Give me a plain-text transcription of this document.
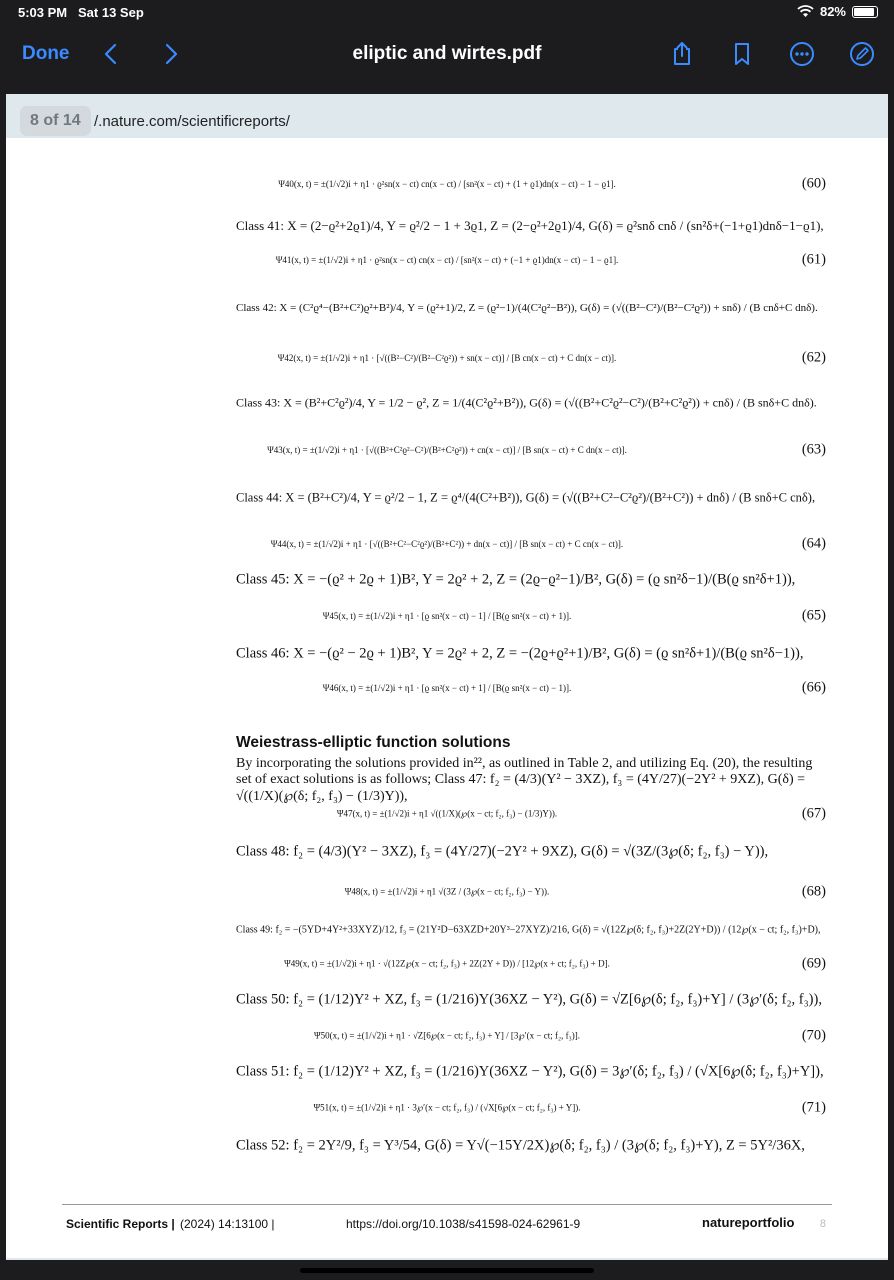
5:03 PM Sat 13 Sep	82%
Done	eliptic and wirtes.pdf
/.nature.com/scientificreports/
8 of 14
Ψ40(x, t) = ±(1/√2)i + η1 · ϱ²sn(x − ct) cn(x − ct) / [sn²(x − ct) + (1 + ϱ1)dn(x − ct) − 1 − ϱ1].	(60)
Class 41: X = (2−ϱ²+2ϱ1)/4, Y = ϱ²/2 − 1 + 3ϱ1, Z = (2−ϱ²+2ϱ1)/4, G(δ) = ϱ²snδ cnδ / (sn²δ+(−1+ϱ1)dnδ−1−ϱ1),
Ψ41(x, t) = ±(1/√2)i + η1 · ϱ²sn(x − ct) cn(x − ct) / [sn²(x − ct) + (−1 + ϱ1)dn(x − ct) − 1 − ϱ1].	(61)
Class 42: X = (C²ϱ⁴−(B²+C²)ϱ²+B²)/4, Y = (ϱ²+1)/2, Z = (ϱ²−1)/(4(C²ϱ²−B²)), G(δ) = (√((B²−C²)/(B²−C²ϱ²)) + snδ) / (B cnδ+C dnδ).
Ψ42(x, t) = ±(1/√2)i + η1 · [√((B²−C²)/(B²−C²ϱ²)) + sn(x − ct)] / [B cn(x − ct) + C dn(x − ct)].	(62)
Class 43: X = (B²+C²ϱ²)/4, Y = 1/2 − ϱ², Z = 1/(4(C²ϱ²+B²)), G(δ) = (√((B²+C²ϱ²−C²)/(B²+C²ϱ²)) + cnδ) / (B snδ+C dnδ).
Ψ43(x, t) = ±(1/√2)i + η1 · [√((B²+C²ϱ²−C²)/(B²+C²ϱ²)) + cn(x − ct)] / [B sn(x − ct) + C dn(x − ct)].	(63)
Class 44: X = (B²+C²)/4, Y = ϱ²/2 − 1, Z = ϱ⁴/(4(C²+B²)), G(δ) = (√((B²+C²−C²ϱ²)/(B²+C²)) + dnδ) / (B snδ+C cnδ),
Ψ44(x, t) = ±(1/√2)i + η1 · [√((B²+C²−C²ϱ²)/(B²+C²)) + dn(x − ct)] / [B sn(x − ct) + C cn(x − ct)].	(64)
Class 45: X = −(ϱ² + 2ϱ + 1)B², Y = 2ϱ² + 2, Z = (2ϱ−ϱ²−1)/B², G(δ) = (ϱ sn²δ−1)/(B(ϱ sn²δ+1)),
Ψ45(x, t) = ±(1/√2)i + η1 · [ϱ sn²(x − ct) − 1] / [B(ϱ sn²(x − ct) + 1)].	(65)
Class 46: X = −(ϱ² − 2ϱ + 1)B², Y = 2ϱ² + 2, Z = −(2ϱ+ϱ²+1)/B², G(δ) = (ϱ sn²δ+1)/(B(ϱ sn²δ−1)),
Ψ46(x, t) = ±(1/√2)i + η1 · [ϱ sn²(x − ct) + 1] / [B(ϱ sn²(x − ct) − 1)].	(66)
Weiestrass-elliptic function solutions
By incorporating the solutions provided in²², as outlined in Table 2, and utilizing Eq. (20), the resulting set of exact solutions is as follows; Class 47: f₂ = (4/3)(Y² − 3XZ), f₃ = (4Y/27)(−2Y² + 9XZ), G(δ) = √((1/X)(℘(δ; f₂, f₃) − (1/3)Y)),
Ψ47(x, t) = ±(1/√2)i + η1 √((1/X)(℘(x − ct; f₂, f₃) − (1/3)Y)).	(67)
Class 48: f₂ = (4/3)(Y² − 3XZ), f₃ = (4Y/27)(−2Y² + 9XZ), G(δ) = √(3Z/(3℘(δ; f₂, f₃) − Y)),
Ψ48(x, t) = ±(1/√2)i + η1 √(3Z / (3℘(x − ct; f₂, f₃) − Y)).	(68)
Class 49: f₂ = −(5YD+4Y²+33XYZ)/12, f₃ = (21Y²D−63XZD+20Y³−27XYZ)/216, G(δ) = √(12Z℘(δ; f₂, f₃)+2Z(2Y+D)) / (12℘(x − ct; f₂, f₃)+D),
Ψ49(x, t) = ±(1/√2)i + η1 · √(12Z℘(x − ct; f₂, f₃) + 2Z(2Y + D)) / [12℘(x + ct; f₂, f₃) + D].	(69)
Class 50: f₂ = (1/12)Y² + XZ, f₃ = (1/216)Y(36XZ − Y²), G(δ) = √Z[6℘(δ; f₂, f₃)+Y] / (3℘′(δ; f₂, f₃)),
Ψ50(x, t) = ±(1/√2)i + η1 · √Z[6℘(x − ct; f₂, f₃) + Y] / [3℘′(x − ct; f₂, f₃)].	(70)
Class 51: f₂ = (1/12)Y² + XZ, f₃ = (1/216)Y(36XZ − Y²), G(δ) = 3℘′(δ; f₂, f₃) / (√X[6℘(δ; f₂, f₃)+Y]),
Ψ51(x, t) = ±(1/√2)i + η1 · 3℘′(x − ct; f₂, f₃) / (√X[6℘(x − ct; f₂, f₃) + Y]).	(71)
Class 52: f₂ = 2Y²/9, f₃ = Y³/54, G(δ) = Y√(−15Y/2X)℘(δ; f₂, f₃) / (3℘(δ; f₂, f₃)+Y), Z = 5Y²/36X,
Scientific Reports | (2024) 14:13100 |	https://doi.org/10.1038/s41598-024-62961-9	natureportfolio 8
